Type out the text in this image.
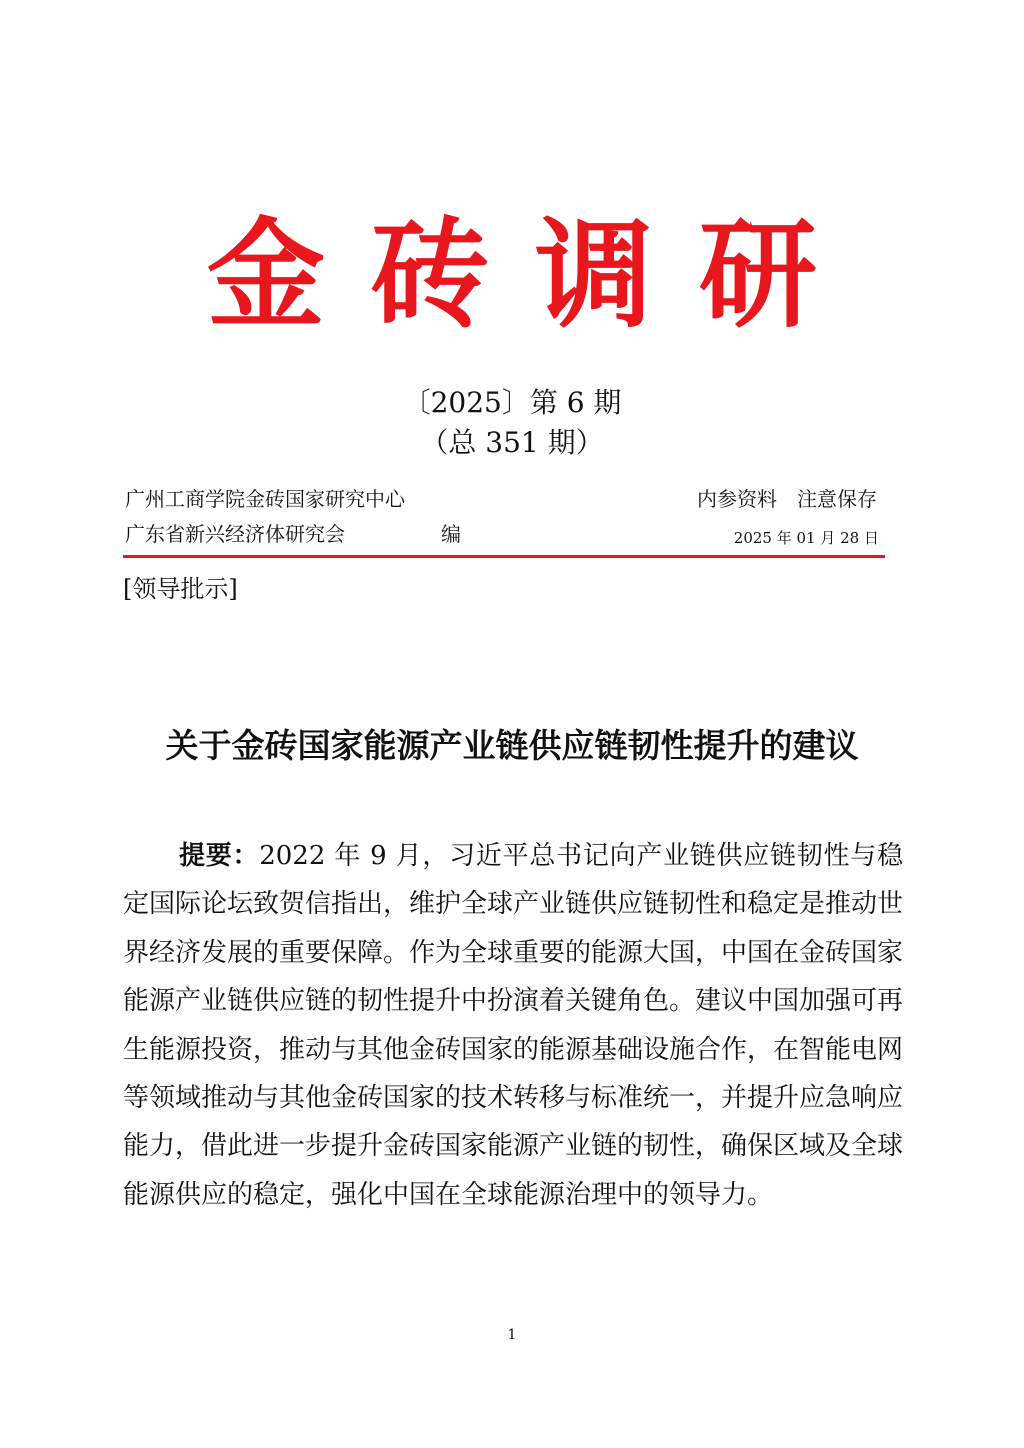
金砖调研
〔2025〕第 6 期
（总 351 期）
广州工商学院金砖国家研究中心	内参资料　注意保存
广东省新兴经济体研究会	编	2025 年 01 月 28 日
[领导批示]
关于金砖国家能源产业链供应链韧性提升的建议

提要：2022 年 9 月，习近平总书记向产业链供应链韧性与稳定国际论坛致贺信指出，维护全球产业链供应链韧性和稳定是推动世界经济发展的重要保障。作为全球重要的能源大国，中国在金砖国家能源产业链供应链的韧性提升中扮演着关键角色。建议中国加强可再生能源投资，推动与其他金砖国家的能源基础设施合作，在智能电网等领域推动与其他金砖国家的技术转移与标准统一，并提升应急响应能力，借此进一步提升金砖国家能源产业链的韧性，确保区域及全球能源供应的稳定，强化中国在全球能源治理中的领导力。

1
